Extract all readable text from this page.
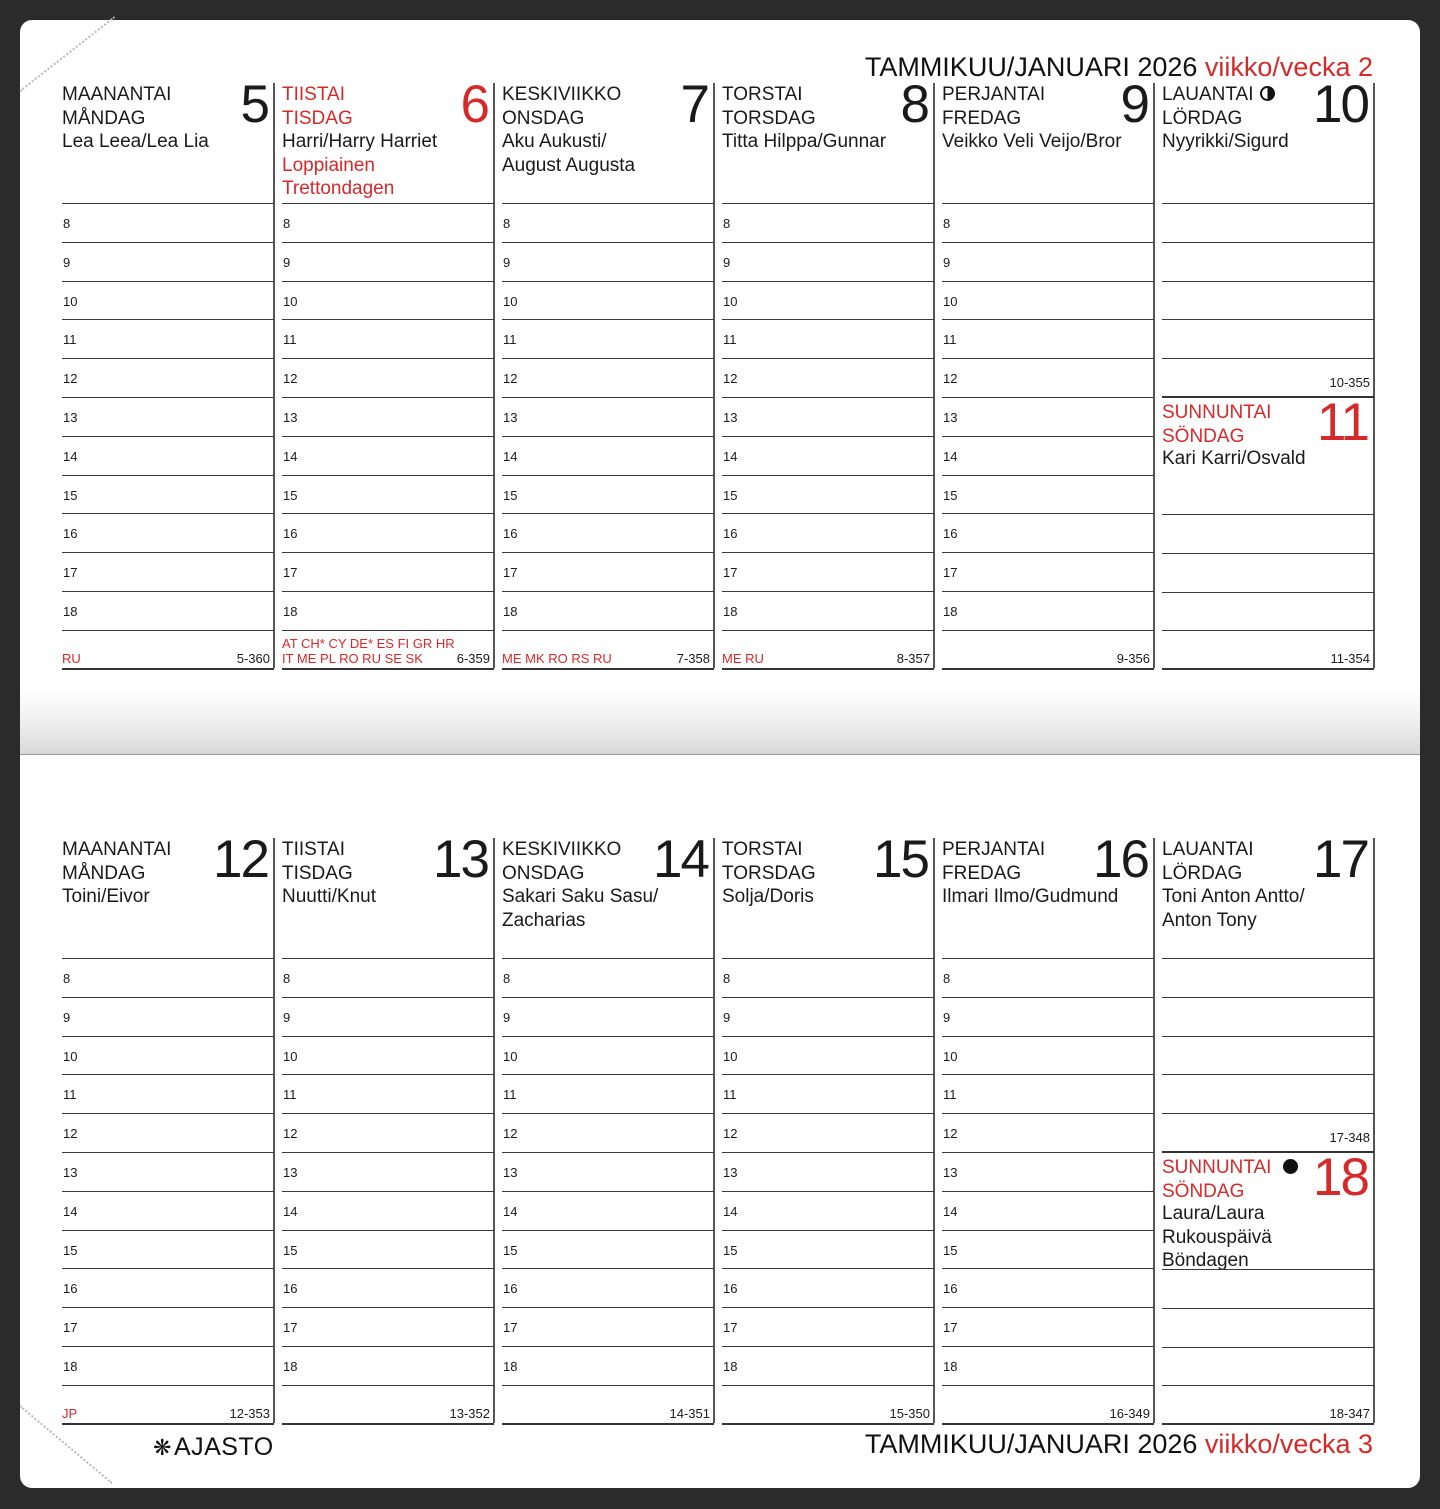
TAMMIKUU/JANUARI 2026 viikko/vecka 2
TAMMIKUU/JANUARI 2026 viikko/vecka 3
❋AJASTO
MAANANTAI
MÅNDAG	5
Lea Leea/Lea Lia
8
9
10
11
12
13
14
15
16
17
18
RU	5-360
TIISTAI
TISDAG 6
Harri/Harry Harriet
Loppiainen
Trettondagen
8
9
10
11
12
13
14
15
16
17
18
AT CH* CY DE* ES FI GR HR
IT ME PL RO RU SE SK	6-359
KESKIVIIKKO
ONSDAG	7
Aku Aukusti/
August Augusta
8
9
10
11
12
13
14
15
16
17
18
ME MK RO RS RU	7-358
TORSTAI
TORSDAG 8
Titta Hilppa/Gunnar
8
9
10
11
12
13
14
15
16
17
18
ME RU	8-357
PERJANTAI
FREDAG	9
Veikko Veli Veijo/Bror
8
9
10
11
12
13
14
15
16
17
18
9-356
LAUANTAI
LÖRDAG	10
Nyyrikki/Sigurd
10-355
SUNNUNTAI
SÖNDAG	11
Kari Karri/Osvald
11-354
MAANANTAI
MÅNDAG	12
Toini/Eivor
8
9
10
11
12
13
14
15
16
17
18
JP	12-353
TIISTAI
TISDAG 13
Nuutti/Knut
8
9
10
11
12
13
14
15
16
17
18
13-352
KESKIVIIKKO
ONSDAG	14
Sakari Saku Sasu/
Zacharias
8
9
10
11
12
13
14
15
16
17
18
14-351
TORSTAI
TORSDAG 15
Solja/Doris
8
9
10
11
12
13
14
15
16
17
18
15-350
PERJANTAI
FREDAG	16
Ilmari Ilmo/Gudmund
8
9
10
11
12
13
14
15
16
17
18
16-349
LAUANTAI
LÖRDAG 17
Toni Anton Antto/
Anton Tony
17-348
SUNNUNTAI
SÖNDAG	18
Laura/Laura
Rukouspäivä
Böndagen
18-347
